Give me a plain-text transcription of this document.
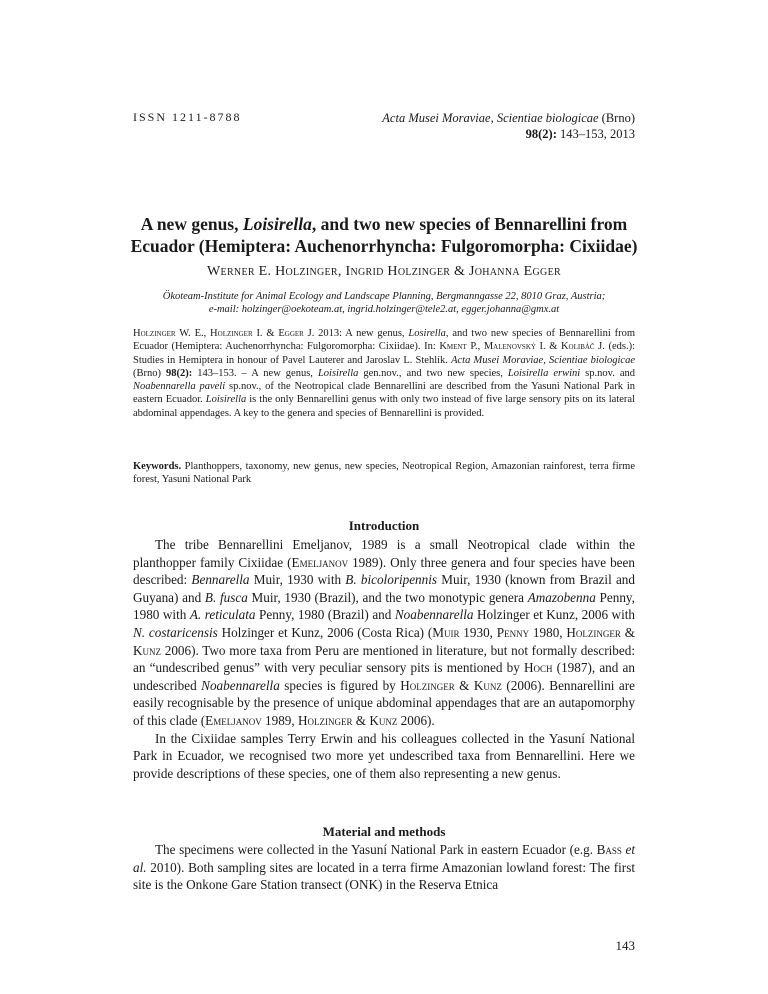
ISSN 1211-8788	Acta Musei Moraviae, Scientiae biologicae (Brno)
98(2): 143–153, 2013
A new genus, Loisirella, and two new species of Bennarellini from
Ecuador (Hemiptera: Auchenorrhyncha: Fulgoromorpha: Cixiidae)
Werner E. Holzinger, Ingrid Holzinger & Johanna Egger
Ökoteam-Institute for Animal Ecology and Landscape Planning, Bergmanngasse 22, 8010 Graz, Austria;
e-mail: holzinger@oekoteam.at, ingrid.holzinger@tele2.at, egger.johanna@gmx.at
Holzinger W. E., Holzinger I. & Egger J. 2013: A new genus, Losirella, and two new species of Bennarellini from Ecuador (Hemiptera: Auchenorrhyncha: Fulgoromorpha: Cixiidae). In: Kment P., Malenovský I. & Kolibáč J. (eds.): Studies in Hemiptera in honour of Pavel Lauterer and Jaroslav L. Stehlík. Acta Musei Moraviae, Scientiae biologicae (Brno) 98(2): 143–153. – A new genus, Loisirella gen.nov., and two new species, Loisirella erwini sp.nov. and Noabennarella paveli sp.nov., of the Neotropical clade Bennarellini are described from the Yasuni National Park in eastern Ecuador. Loisirella is the only Bennarellini genus with only two instead of five large sensory pits on its lateral abdominal appendages. A key to the genera and species of Bennarellini is provided.
Keywords. Planthoppers, taxonomy, new genus, new species, Neotropical Region, Amazonian rainforest, terra firme forest, Yasuni National Park
Introduction

The tribe Bennarellini Emeljanov, 1989 is a small Neotropical clade within the planthopper family Cixiidae (Emeljanov 1989). Only three genera and four species have been described: Bennarella Muir, 1930 with B. bicoloripennis Muir, 1930 (known from Brazil and Guyana) and B. fusca Muir, 1930 (Brazil), and the two monotypic genera Amazobenna Penny, 1980 with A. reticulata Penny, 1980 (Brazil) and Noabennarella Holzinger et Kunz, 2006 with N. costaricensis Holzinger et Kunz, 2006 (Costa Rica) (Muir 1930, Penny 1980, Holzinger & Kunz 2006). Two more taxa from Peru are mentioned in literature, but not formally described: an “undescribed genus” with very peculiar sensory pits is mentioned by Hoch (1987), and an undescribed Noabennarella species is figured by Holzinger & Kunz (2006). Bennarellini are easily recognisable by the presence of unique abdominal appendages that are an autapomorphy of this clade (Emeljanov 1989, Holzinger & Kunz 2006).

In the Cixiidae samples Terry Erwin and his colleagues collected in the Yasuní National Park in Ecuador, we recognised two more yet undescribed taxa from Bennarellini. Here we provide descriptions of these species, one of them also representing a new genus.

Material and methods

The specimens were collected in the Yasuní National Park in eastern Ecuador (e.g. Bass et al. 2010). Both sampling sites are located in a terra firme Amazonian lowland forest: The first site is the Onkone Gare Station transect (ONK) in the Reserva Etnica

143
